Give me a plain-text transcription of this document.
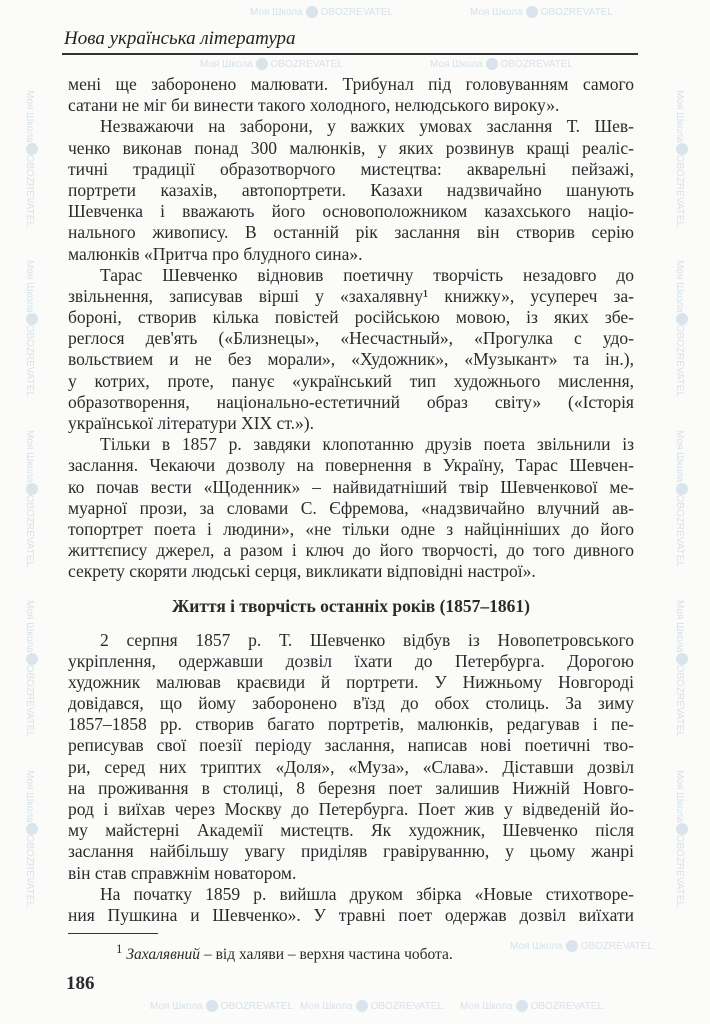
Нова українська література
Моя Школа OBOZREVATEL	Моя Школа OBOZREVATEL
Моя Школа OBOZREVATEL	Моя Школа OBOZREVATEL
Моя ШколаOBOZREVATEL
Моя ШколаOBOZREVATEL
Моя ШколаOBOZREVATEL
Моя ШколаOBOZREVATEL
Моя ШколаOBOZREVATEL
Моя ШколаOBOZREVATEL
Моя ШколаOBOZREVATEL
Моя ШколаOBOZREVATEL
Моя ШколаOBOZREVATEL
Моя ШколаOBOZREVATEL
Моя Школа OBOZREVATEL
Моя Школа OBOZREVATEL Моя Школа OBOZREVATEL Моя Школа OBOZREVATEL
мені ще заборонено малювати. Трибунал під головуванням самого
сатани не міг би винести такого холодного, нелюдського вироку».
Незважаючи на заборони, у важких умовах заслання Т. Шев-
ченко виконав понад 300 малюнків, у яких розвинув кращі реаліс-
тичні традиції образотворчого мистецтва: акварельні пейзажі,
портрети казахів, автопортрети. Казахи надзвичайно шанують
Шевченка і вважають його основоположником казахського націо-
нального живопису. В останній рік заслання він створив серію
малюнків «Притча про блудного сина».
Тарас Шевченко відновив поетичну творчість незадовго до
звільнення, записував вірші у «захалявну¹ книжку», усупереч за-
бороні, створив кілька повістей російською мовою, із яких збе-
реглося дев'ять («Близнецы», «Несчастный», «Прогулка с удо-
вольствием и не без морали», «Художник», «Музыкант» та ін.),
у котрих, проте, панує «український тип художнього мислення,
образотворення, національно-естетичний образ світу» («Історія
української літератури XIX ст.»).
Тільки в 1857 р. завдяки клопотанню друзів поета звільнили із
заслання. Чекаючи дозволу на повернення в Україну, Тарас Шевчен-
ко почав вести «Щоденник» – найвидатніший твір Шевченкової ме-
муарної прози, за словами С. Єфремова, «надзвичайно влучний ав-
топортрет поета і людини», «не тільки одне з найцінніших до його
життєпису джерел, а разом і ключ до його творчості, до того дивного
секрету скоряти людські серця, викликати відповідні настрої».
Життя і творчість останніх років (1857–1861)
2 серпня 1857 р. Т. Шевченко відбув із Новопетровського
укріплення, одержавши дозвіл їхати до Петербурга. Дорогою
художник малював краєвиди й портрети. У Нижньому Новгороді
довідався, що йому заборонено в'їзд до обох столиць. За зиму
1857–1858 рр. створив багато портретів, малюнків, редагував і пе-
реписував свої поезії періоду заслання, написав нові поетичні тво-
ри, серед них триптих «Доля», «Муза», «Слава». Діставши дозвіл
на проживання в столиці, 8 березня поет залишив Нижній Новго-
род і виїхав через Москву до Петербурга. Поет жив у відведеній йо-
му майстерні Академії мистецтв. Як художник, Шевченко після
заслання найбільшу увагу приділяв гравіруванню, у цьому жанрі
він став справжнім новатором.
На початку 1859 р. вийшла друком збірка «Новые стихотворе-
ния Пушкина и Шевченко». У травні поет одержав дозвіл виїхати
$^1$ Захалявний – від халяви – верхня частина чобота.
186
